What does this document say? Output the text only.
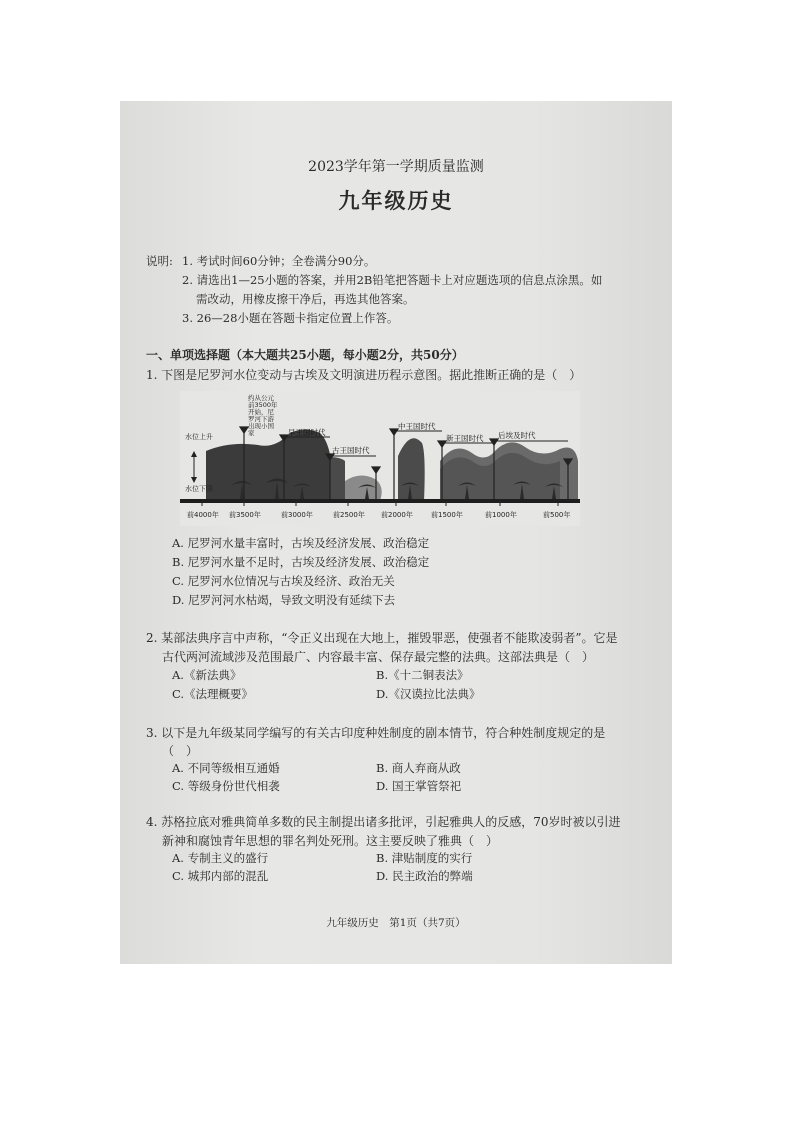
2023学年第一学期质量监测
九年级历史
说明: 1. 考试时间60分钟；全卷满分90分。
2. 请选出1—25小题的答案，并用2B铅笔把答题卡上对应题选项的信息点涂黑。如
需改动，用橡皮擦干净后，再选其他答案。
3. 26—28小题在答题卡指定位置上作答。
一、单项选择题（本大题共25小题，每小题2分，共50分）
1. 下图是尼罗河水位变动与古埃及文明演进历程示意图。据此推断正确的是（　）
水位上升
水位下降
约从公元
前3500年
开始，尼
罗河下游
出现小国
家	早王国时代
古王国时代
中王国时代
新王国时代 后埃及时代
前4000年 前3500年	前3000年	前2500年 前2000年	前1500年	前1000年	前500年
A. 尼罗河水量丰富时，古埃及经济发展、政治稳定
B. 尼罗河水量不足时，古埃及经济发展、政治稳定
C. 尼罗河水位情况与古埃及经济、政治无关
D. 尼罗河河水枯竭，导致文明没有延续下去
2. 某部法典序言中声称，“令正义出现在大地上，摧毁罪恶，使强者不能欺凌弱者”。它是
古代两河流域涉及范围最广、内容最丰富、保存最完整的法典。这部法典是（　）
A.《新法典》	B.《十二铜表法》
C.《法理概要》	D.《汉谟拉比法典》
3. 以下是九年级某同学编写的有关古印度种姓制度的剧本情节，符合种姓制度规定的是
（　）
A. 不同等级相互通婚	B. 商人弃商从政
C. 等级身份世代相袭	D. 国王掌管祭祀
4. 苏格拉底对雅典简单多数的民主制提出诸多批评，引起雅典人的反感，70岁时被以引进
新神和腐蚀青年思想的罪名判处死刑。这主要反映了雅典（　）
A. 专制主义的盛行	B. 津贴制度的实行
C. 城邦内部的混乱	D. 民主政治的弊端
九年级历史　第1页（共7页）
